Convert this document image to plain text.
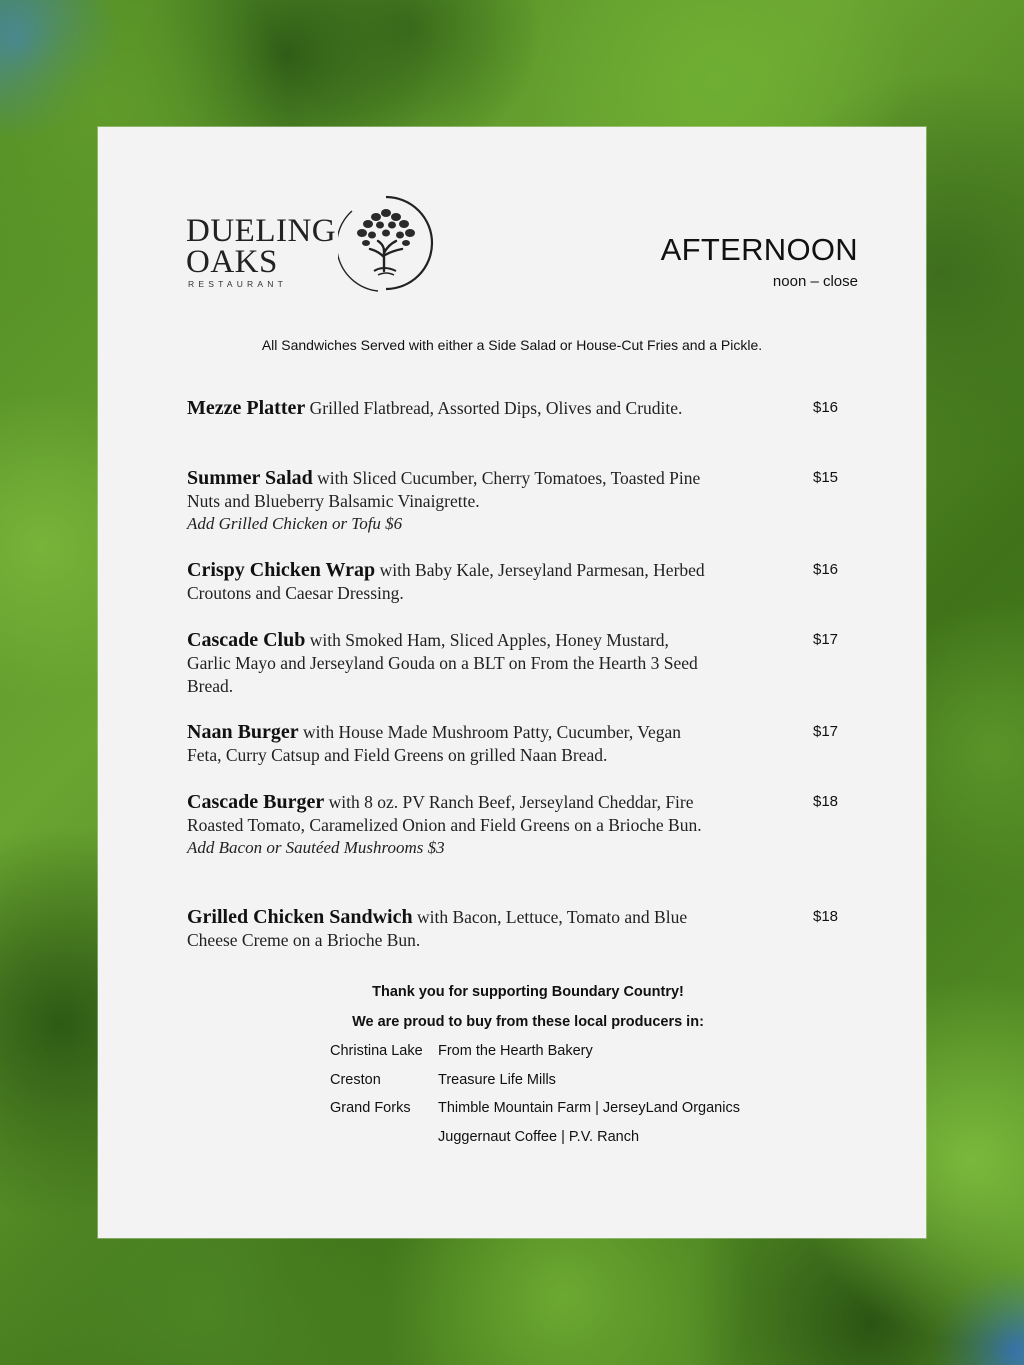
DUELING
OAKS
RESTAURANT
AFTERNOON
noon – close
All Sandwiches Served with either a Side Salad or House-Cut Fries and a Pickle.
Mezze Platter Grilled Flatbread, Assorted Dips, Olives and Crudite.	$16
Summer Salad with Sliced Cucumber, Cherry Tomatoes, Toasted Pine Nuts and Blueberry Balsamic Vinaigrette.
Add Grilled Chicken or Tofu $6
$15
Crispy Chicken Wrap with Baby Kale, Jerseyland Parmesan, Herbed Croutons and Caesar Dressing.
$16
Cascade Club with Smoked Ham, Sliced Apples, Honey Mustard, Garlic Mayo and Jerseyland Gouda on a BLT on From the Hearth 3 Seed Bread.
$17
Naan Burger with House Made Mushroom Patty, Cucumber, Vegan Feta, Curry Catsup and Field Greens on grilled Naan Bread.
$17
Cascade Burger with 8 oz. PV Ranch Beef, Jerseyland Cheddar, Fire Roasted Tomato, Caramelized Onion and Field Greens on a Brioche Bun.
Add Bacon or Sautéed Mushrooms $3
$18
Grilled Chicken Sandwich with Bacon, Lettuce, Tomato and Blue Cheese Creme on a Brioche Bun.
$18
Thank you for supporting Boundary Country!
We are proud to buy from these local producers in:
Christina Lake From the Hearth Bakery
Creston	Treasure Life Mills
Grand Forks Thimble Mountain Farm | JerseyLand Organics
Juggernaut Coffee | P.V. Ranch
